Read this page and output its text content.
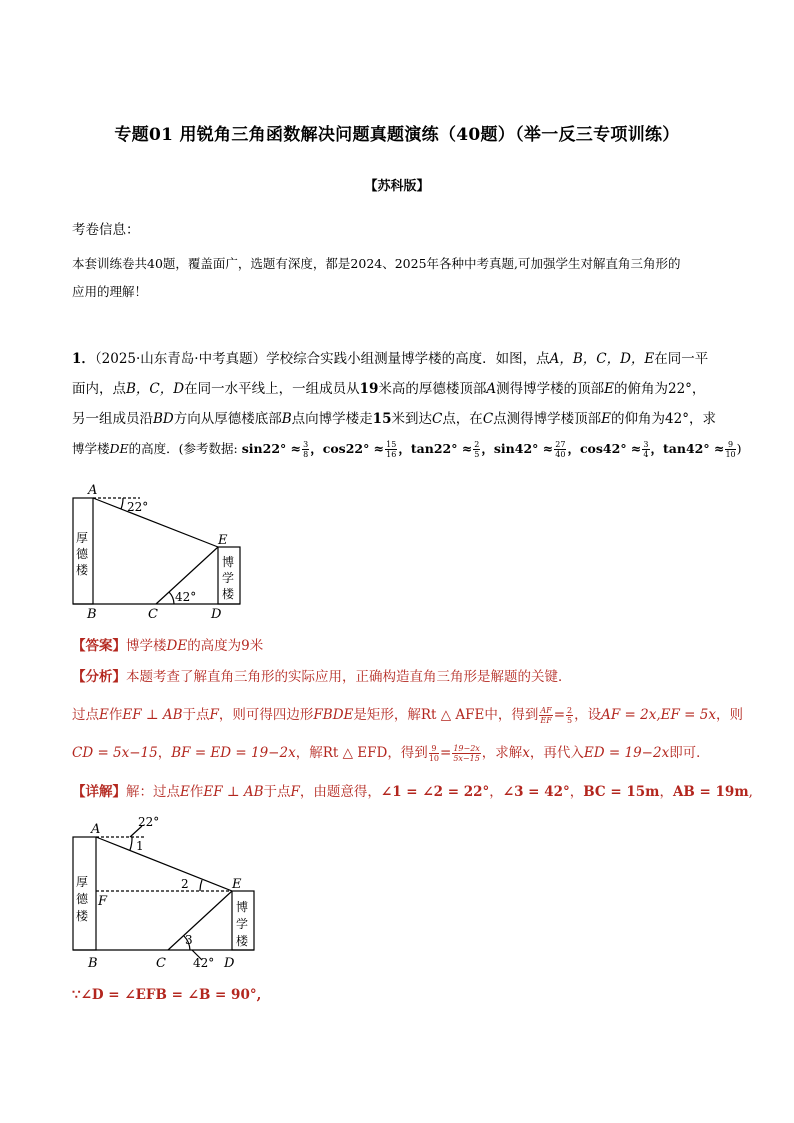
专题01 用锐角三角函数解决问题真题演练（40题）（举一反三专项训练）
【苏科版】
考卷信息：
本套训练卷共40题，覆盖面广，选题有深度，都是2024、2025年各种中考真题,可加强学生对解直角三角形的
应用的理解！
1．（2025·山东青岛·中考真题）学校综合实践小组测量博学楼的高度．如图，点A，B，C，D，E在同一平
面内，点B，C，D在同一水平线上，一组成员从19米高的厚德楼顶部A测得博学楼的顶部E的俯角为22°，
另一组成员沿BD方向从厚德楼底部B点向博学楼走15米到达C点，在C点测得博学楼顶部E的仰角为42°，求
博学楼DE的高度．(参考数据: $\sin 22^\circ \approx \frac{3}{8}$ ，$\cos 22^\circ \approx \frac{15}{16}$ ，$\tan 22^\circ \approx \frac{2}{5}$ ，$\sin 42^\circ \approx \frac{27}{40}$ ，$\cos 42^\circ \approx \frac{3}{4}$ ，$\tan 42^\circ \approx \frac{9}{10}$ )
A
B	C	D
E
22°
42°
厚
德
楼
博
学
楼
【答案】博学楼DE的高度为9米
【分析】本题考查了解直角三角形的实际应用，正确构造直角三角形是解题的关键．
过点E作EF ⊥ AB于点F，则可得四边形FBDE是矩形，解Rt △ AFE中，得到 $\frac{AF}{EF} = \frac{2}{5}$ ，设AF = 2x,EF = 5x，则
CD = 5x−15，BF = ED = 19−2x，解Rt △ EFD，得到 $\frac{9}{10} = \frac{19-2x}{5x-15}$ ，求解x，再代入ED = 19−2x即可．
【详解】解：过点E作EF ⊥ AB于点F，由题意得，∠1 = ∠2 = 22°，∠3 = 42°，BC = 15m，AB = 19m,
A	22°
1
2	E
F
3
42°
B	C	D
厚
德
楼
博
学
楼
∵∠D = ∠EFB = ∠B = 90°,
